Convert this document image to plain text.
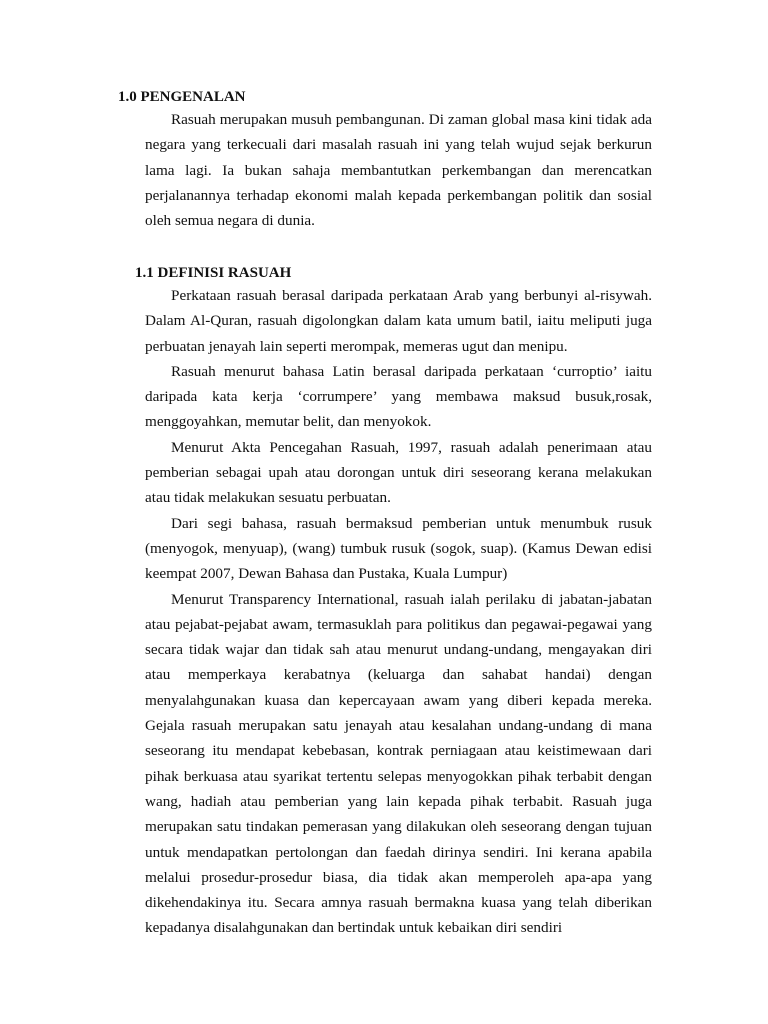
1.0 PENGENALAN

Rasuah merupakan musuh pembangunan. Di zaman global masa kini tidak ada negara yang terkecuali dari masalah rasuah ini yang telah wujud sejak berkurun lama lagi. Ia bukan sahaja membantutkan perkembangan dan merencatkan perjalanannya terhadap ekonomi malah kepada perkembangan politik dan sosial oleh semua negara di dunia.

1.1 DEFINISI RASUAH

Perkataan rasuah berasal daripada perkataan Arab yang berbunyi al-risywah. Dalam Al-Quran, rasuah digolongkan dalam kata umum batil, iaitu meliputi juga perbuatan jenayah lain seperti merompak, memeras ugut dan menipu.

Rasuah menurut bahasa Latin berasal daripada perkataan ‘curroptio’ iaitu daripada kata kerja ‘corrumpere’ yang membawa maksud busuk,rosak, menggoyahkan, memutar belit, dan menyokok.

Menurut Akta Pencegahan Rasuah, 1997, rasuah adalah penerimaan atau pemberian sebagai upah atau dorongan untuk diri seseorang kerana melakukan atau tidak melakukan sesuatu perbuatan.

Dari segi bahasa, rasuah bermaksud pemberian untuk menumbuk rusuk (menyogok, menyuap), (wang) tumbuk rusuk (sogok, suap). (Kamus Dewan edisi keempat 2007, Dewan Bahasa dan Pustaka, Kuala Lumpur)

Menurut Transparency International, rasuah ialah perilaku di jabatan-jabatan atau pejabat-pejabat awam, termasuklah para politikus dan pegawai-pegawai yang secara tidak wajar dan tidak sah atau menurut undang-undang, mengayakan diri atau memperkaya kerabatnya (keluarga dan sahabat handai) dengan menyalahgunakan kuasa dan kepercayaan awam yang diberi kepada mereka. Gejala rasuah merupakan satu jenayah atau kesalahan undang-undang di mana seseorang itu mendapat kebebasan, kontrak perniagaan atau keistimewaan dari pihak berkuasa atau syarikat tertentu selepas menyogokkan pihak terbabit dengan wang, hadiah atau pemberian yang lain kepada pihak terbabit. Rasuah juga merupakan satu tindakan pemerasan yang dilakukan oleh seseorang dengan tujuan untuk mendapatkan pertolongan dan faedah dirinya sendiri. Ini kerana apabila melalui prosedur-prosedur biasa, dia tidak akan memperoleh apa-apa yang dikehendakinya itu. Secara amnya rasuah bermakna kuasa yang telah diberikan kepadanya disalahgunakan dan bertindak untuk kebaikan diri sendiri
